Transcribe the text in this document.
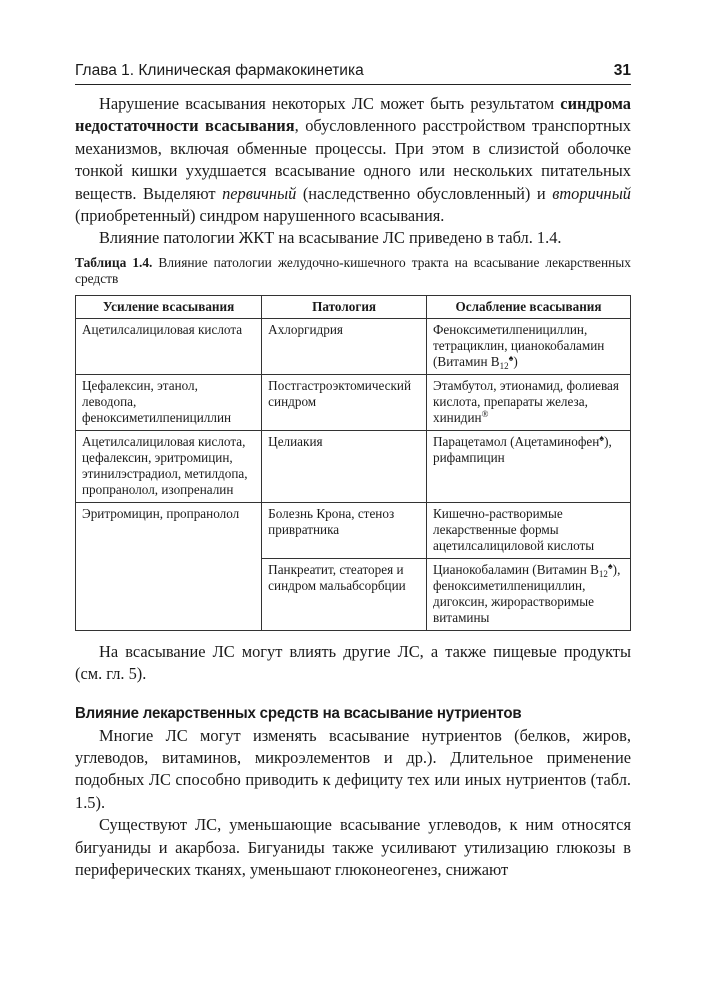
Глава 1. Клиническая фармакокинетика	31

Нарушение всасывания некоторых ЛС может быть результатом синдрома недостаточности всасывания, обусловленного расстройством транспортных механизмов, включая обменные процессы. При этом в слизистой оболочке тонкой кишки ухудшается всасывание одного или нескольких питательных веществ. Выделяют первичный (наследственно обусловленный) и вторичный (приобретенный) синдром нарушенного всасывания.

Влияние патологии ЖКТ на всасывание ЛС приведено в табл. 1.4.

Таблица 1.4. Влияние патологии желудочно-кишечного тракта на всасывание лекарственных средств
Усиление всасывания	Патология	Ослабление всасывания
Ацетилсалициловая кислота	Ахлоргидрия	Феноксиметилпенициллин, тетрациклин, цианокобаламин (Витамин $В_{12}^♠$)
Цефалексин, этанол, леводопа, феноксиметилпенициллин	Постгастроэктомический синдром	Этамбутол, этионамид, фолиевая кислота, препараты железа, хинидин®
Ацетилсалициловая кислота, цефалексин, эритромицин, этинилэстрадиол, метилдопа, пропранолол, изопреналин	Целиакия	Парацетамол (Ацетаминофен♠), рифампицин
Эритромицин, пропранолол	Болезнь Крона, стеноз привратника	Кишечно-растворимые лекарственные формы ацетилсалициловой кислоты
	Панкреатит, стеаторея и синдром мальабсорбции	Цианокобаламин (Витамин $В_{12}^♠$), феноксиметилпенициллин, дигоксин, жирорастворимые витамины

На всасывание ЛС могут влиять другие ЛС, а также пищевые продукты (см. гл. 5).

Влияние лекарственных средств на всасывание нутриентов

Многие ЛС могут изменять всасывание нутриентов (белков, жиров, углеводов, витаминов, микроэлементов и др.). Длительное применение подобных ЛС способно приводить к дефициту тех или иных нутриентов (табл. 1.5).

Существуют ЛС, уменьшающие всасывание углеводов, к ним относятся бигуаниды и акарбоза. Бигуаниды также усиливают утилизацию глюкозы в периферических тканях, уменьшают глюконеогенез, снижают
